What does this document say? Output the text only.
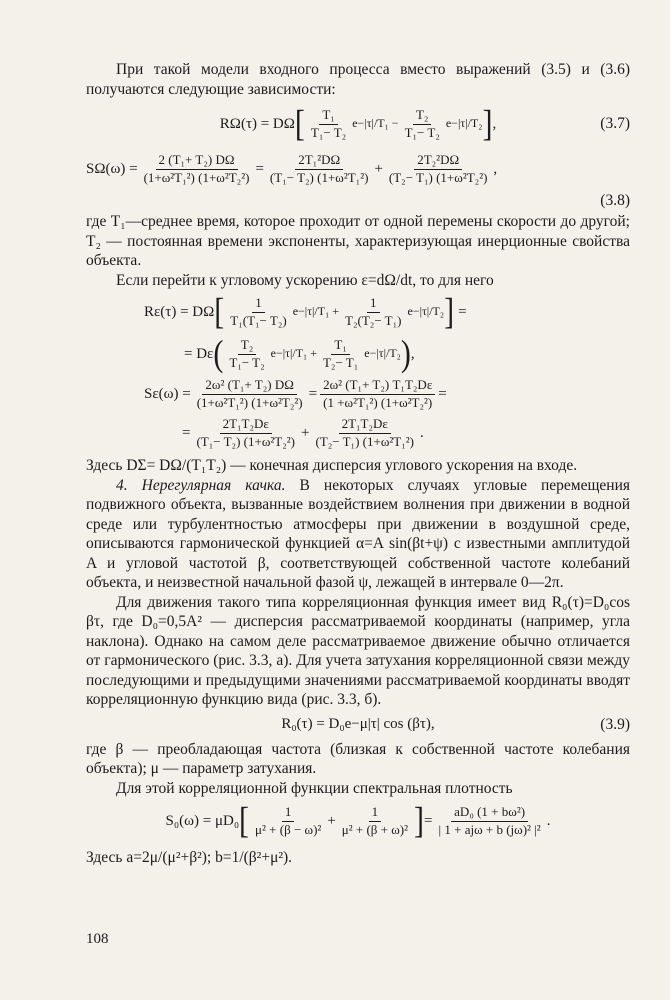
При такой модели входного процесса вместо выражений (3.5) и (3.6) получаются следующие зависимости:

RΩ(τ) = DΩ [ $\frac{\text{T₁}}{\text{T₁− T₂}} e-|\tau|/T_1 - \frac{\text{T₂}}{\text{T₁− T₂}} e-|\tau|/T_2$ ] ,	(3.7)
$S\Omega(\omega) = \frac{\text{2 (T₁+ T₂) DΩ}}{\text{(1+ω²T₁²) (1+ω²T₂²)}} = \frac{\text{2T₁²DΩ}}{\text{(T₁− T₂) (1+ω²T₁²)}} + \frac{\text{2T₂²DΩ}}{\text{(T₂− T₁) (1+ω²T₂²)}}$ ,
(3.8)

где T₁—среднее время, которое проходит от одной перемены скорости до другой; T₂ — постоянная времени экспоненты, характеризующая инерционные свойства объекта.

Если перейти к угловому ускорению ε=dΩ/dt, то для него

Rε(τ) = DΩ [ $\frac{1}{\text{T₁(T₁− T₂)}} e-|\tau|/T_1 + \frac{1}{\text{T₂(T₂− T₁)}} e-|\tau|/T_2$ ] =
= Dε ( $\frac{\text{T₂}}{\text{T₁− T₂}} e-|\tau|/T_1 + \frac{\text{T₁}}{\text{T₂− T₁}} e-|\tau|/T_2$ ) ,
$S\varepsilon(\omega) = \frac{\text{2ω² (T₁+ T₂) DΩ}}{\text{(1+ω²T₁²) (1+ω²T₂²)}} = \frac{\text{2ω² (T₁+ T₂) T₁T₂Dε}}{\text{(1 +ω²T₁²) (1+ω²T₂²)}}$ =
= $\frac{\text{2T₁T₂Dε}}{\text{(T₁− T₂) (1+ω²T₂²)}} + \frac{\text{2T₁T₂Dε}}{\text{(T₂− T₁) (1+ω²T₁²)}}$ .

Здесь DΣ= DΩ/(T₁T₂) — конечная дисперсия углового ускорения на входе.

4. Нерегулярная качка. В некоторых случаях угловые перемещения подвижного объекта, вызванные воздействием волнения при движении в водной среде или турбулентностью атмосферы при движении в воздушной среде, описываются гармонической функцией α=A sin(βt+ψ) с известными амплитудой A и угловой частотой β, соответствующей собственной частоте колебаний объекта, и неизвестной начальной фазой ψ, лежащей в интервале 0—2π.

Для движения такого типа корреляционная функция имеет вид R₀(τ)=D₀cos βτ, где D₀=0,5A² — дисперсия рассматриваемой координаты (например, угла наклона). Однако на самом деле рассматриваемое движение обычно отличается от гармонического (рис. 3.3, а). Для учета затухания корреляционной связи между последующими и предыдущими значениями рассматриваемой координаты вводят корреляционную функцию вида (рис. 3.3, б).

R₀(τ) = D₀e−μ|τ| cos (βτ),	(3.9)

где β — преобладающая частота (близкая к собственной частоте колебания объекта); μ — параметр затухания.

Для этой корреляционной функции спектральная плотность

S₀(ω) = μD₀ [ $\frac{1}{\text{μ² + (β − ω)²}} + \frac{1}{\text{μ² + (β + ω)²}}$ ] = $\frac{\text{aD₀ (1 + bω²)}}{\text{| 1 + ajω + b (jω)² |²}}$ .

Здесь a=2μ/(μ²+β²); b=1/(β²+μ²).

108
